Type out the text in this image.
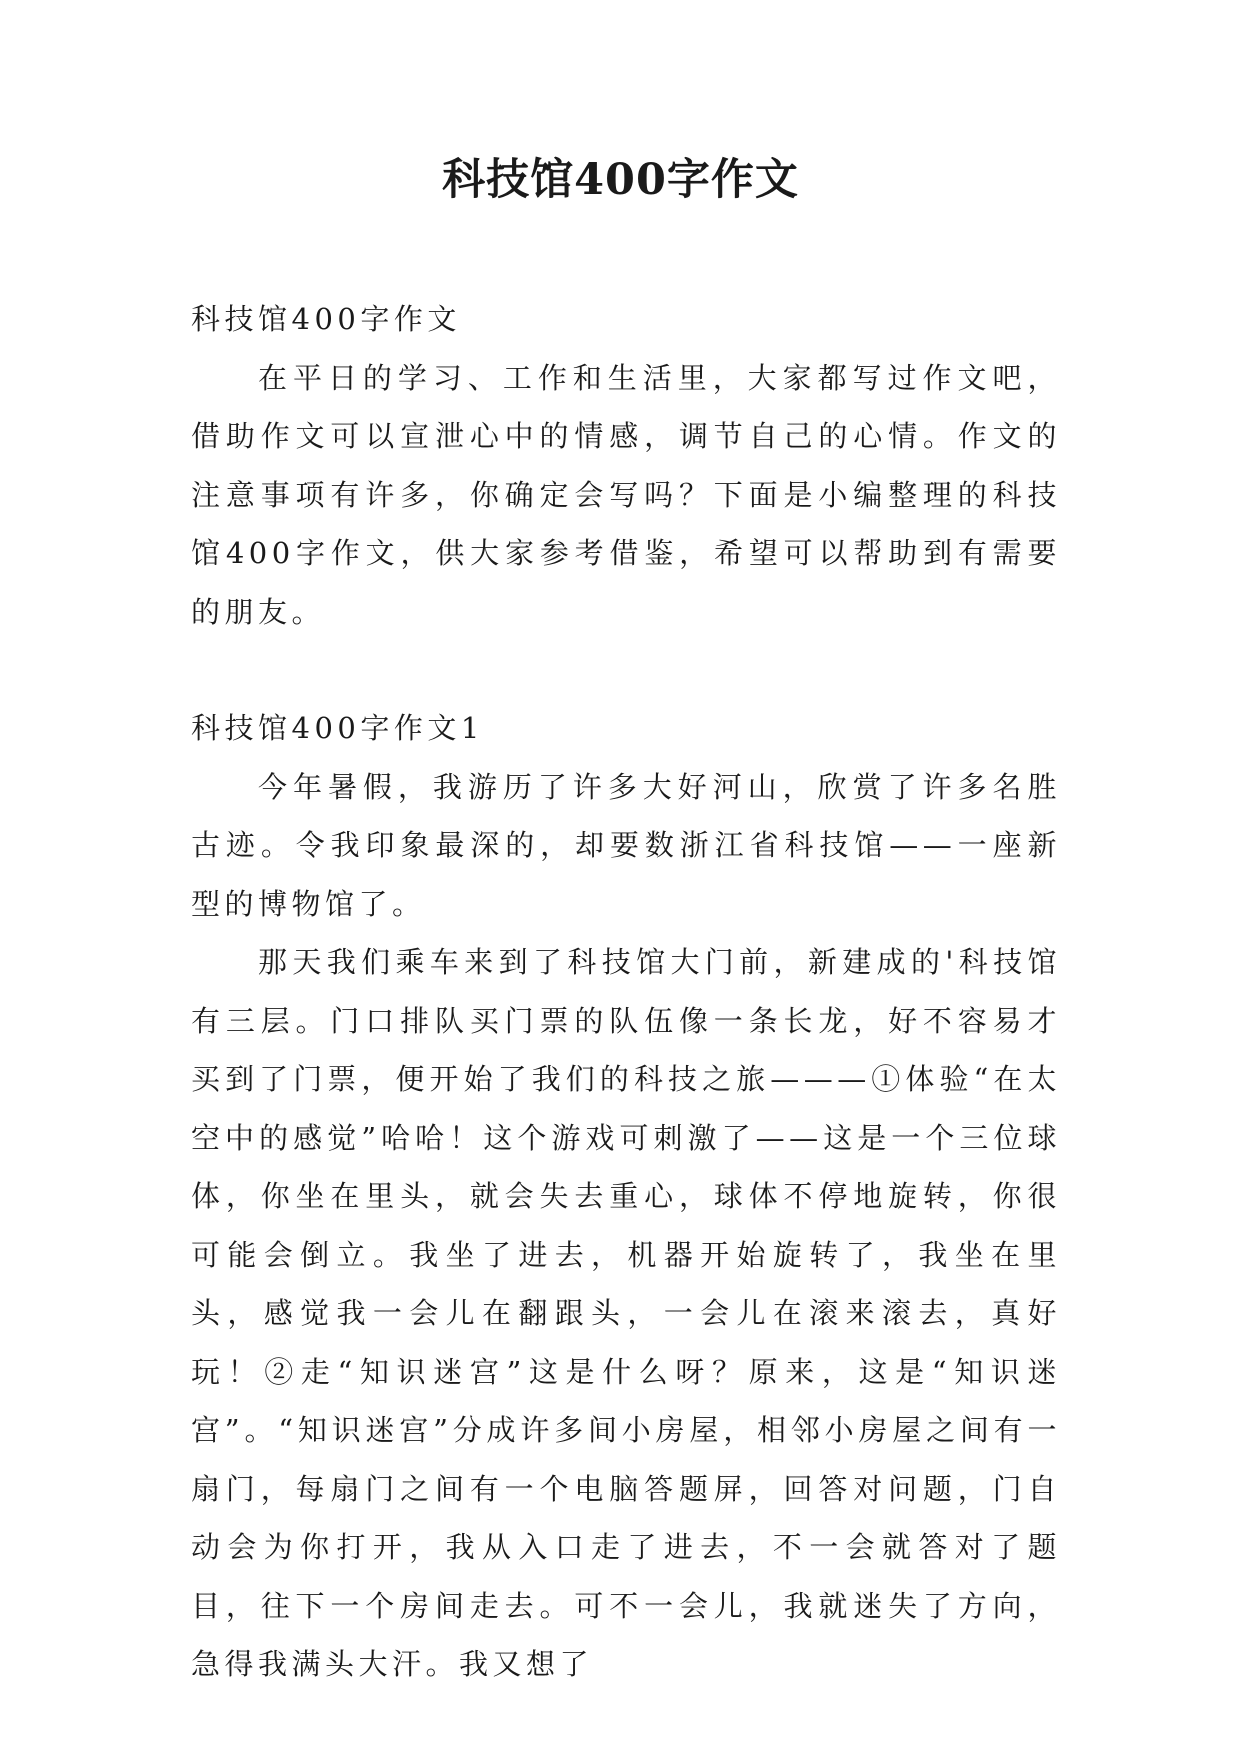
科技馆400字作文

科技馆400字作文

在平日的学习、工作和生活里，大家都写过作文吧，借助作文可以宣泄心中的情感，调节自己的心情。作文的注意事项有许多，你确定会写吗？下面是小编整理的科技馆400字作文，供大家参考借鉴，希望可以帮助到有需要的朋友。

科技馆400字作文1

今年暑假，我游历了许多大好河山，欣赏了许多名胜古迹。令我印象最深的，却要数浙江省科技馆——一座新型的博物馆了。

那天我们乘车来到了科技馆大门前，新建成的'科技馆有三层。门口排队买门票的队伍像一条长龙，好不容易才买到了门票，便开始了我们的科技之旅———①体验“在太空中的感觉”哈哈！这个游戏可刺激了——这是一个三位球体，你坐在里头，就会失去重心，球体不停地旋转，你很可能会倒立。我坐了进去，机器开始旋转了，我坐在里头，感觉我一会儿在翻跟头，一会儿在滚来滚去，真好玩！②走“知识迷宫”这是什么呀？原来，这是“知识迷宫”。“知识迷宫”分成许多间小房屋，相邻小房屋之间有一扇门，每扇门之间有一个电脑答题屏，回答对问题，门自动会为你打开，我从入口走了进去，不一会就答对了题目，往下一个房间走去。可不一会儿，我就迷失了方向，急得我满头大汗。我又想了
